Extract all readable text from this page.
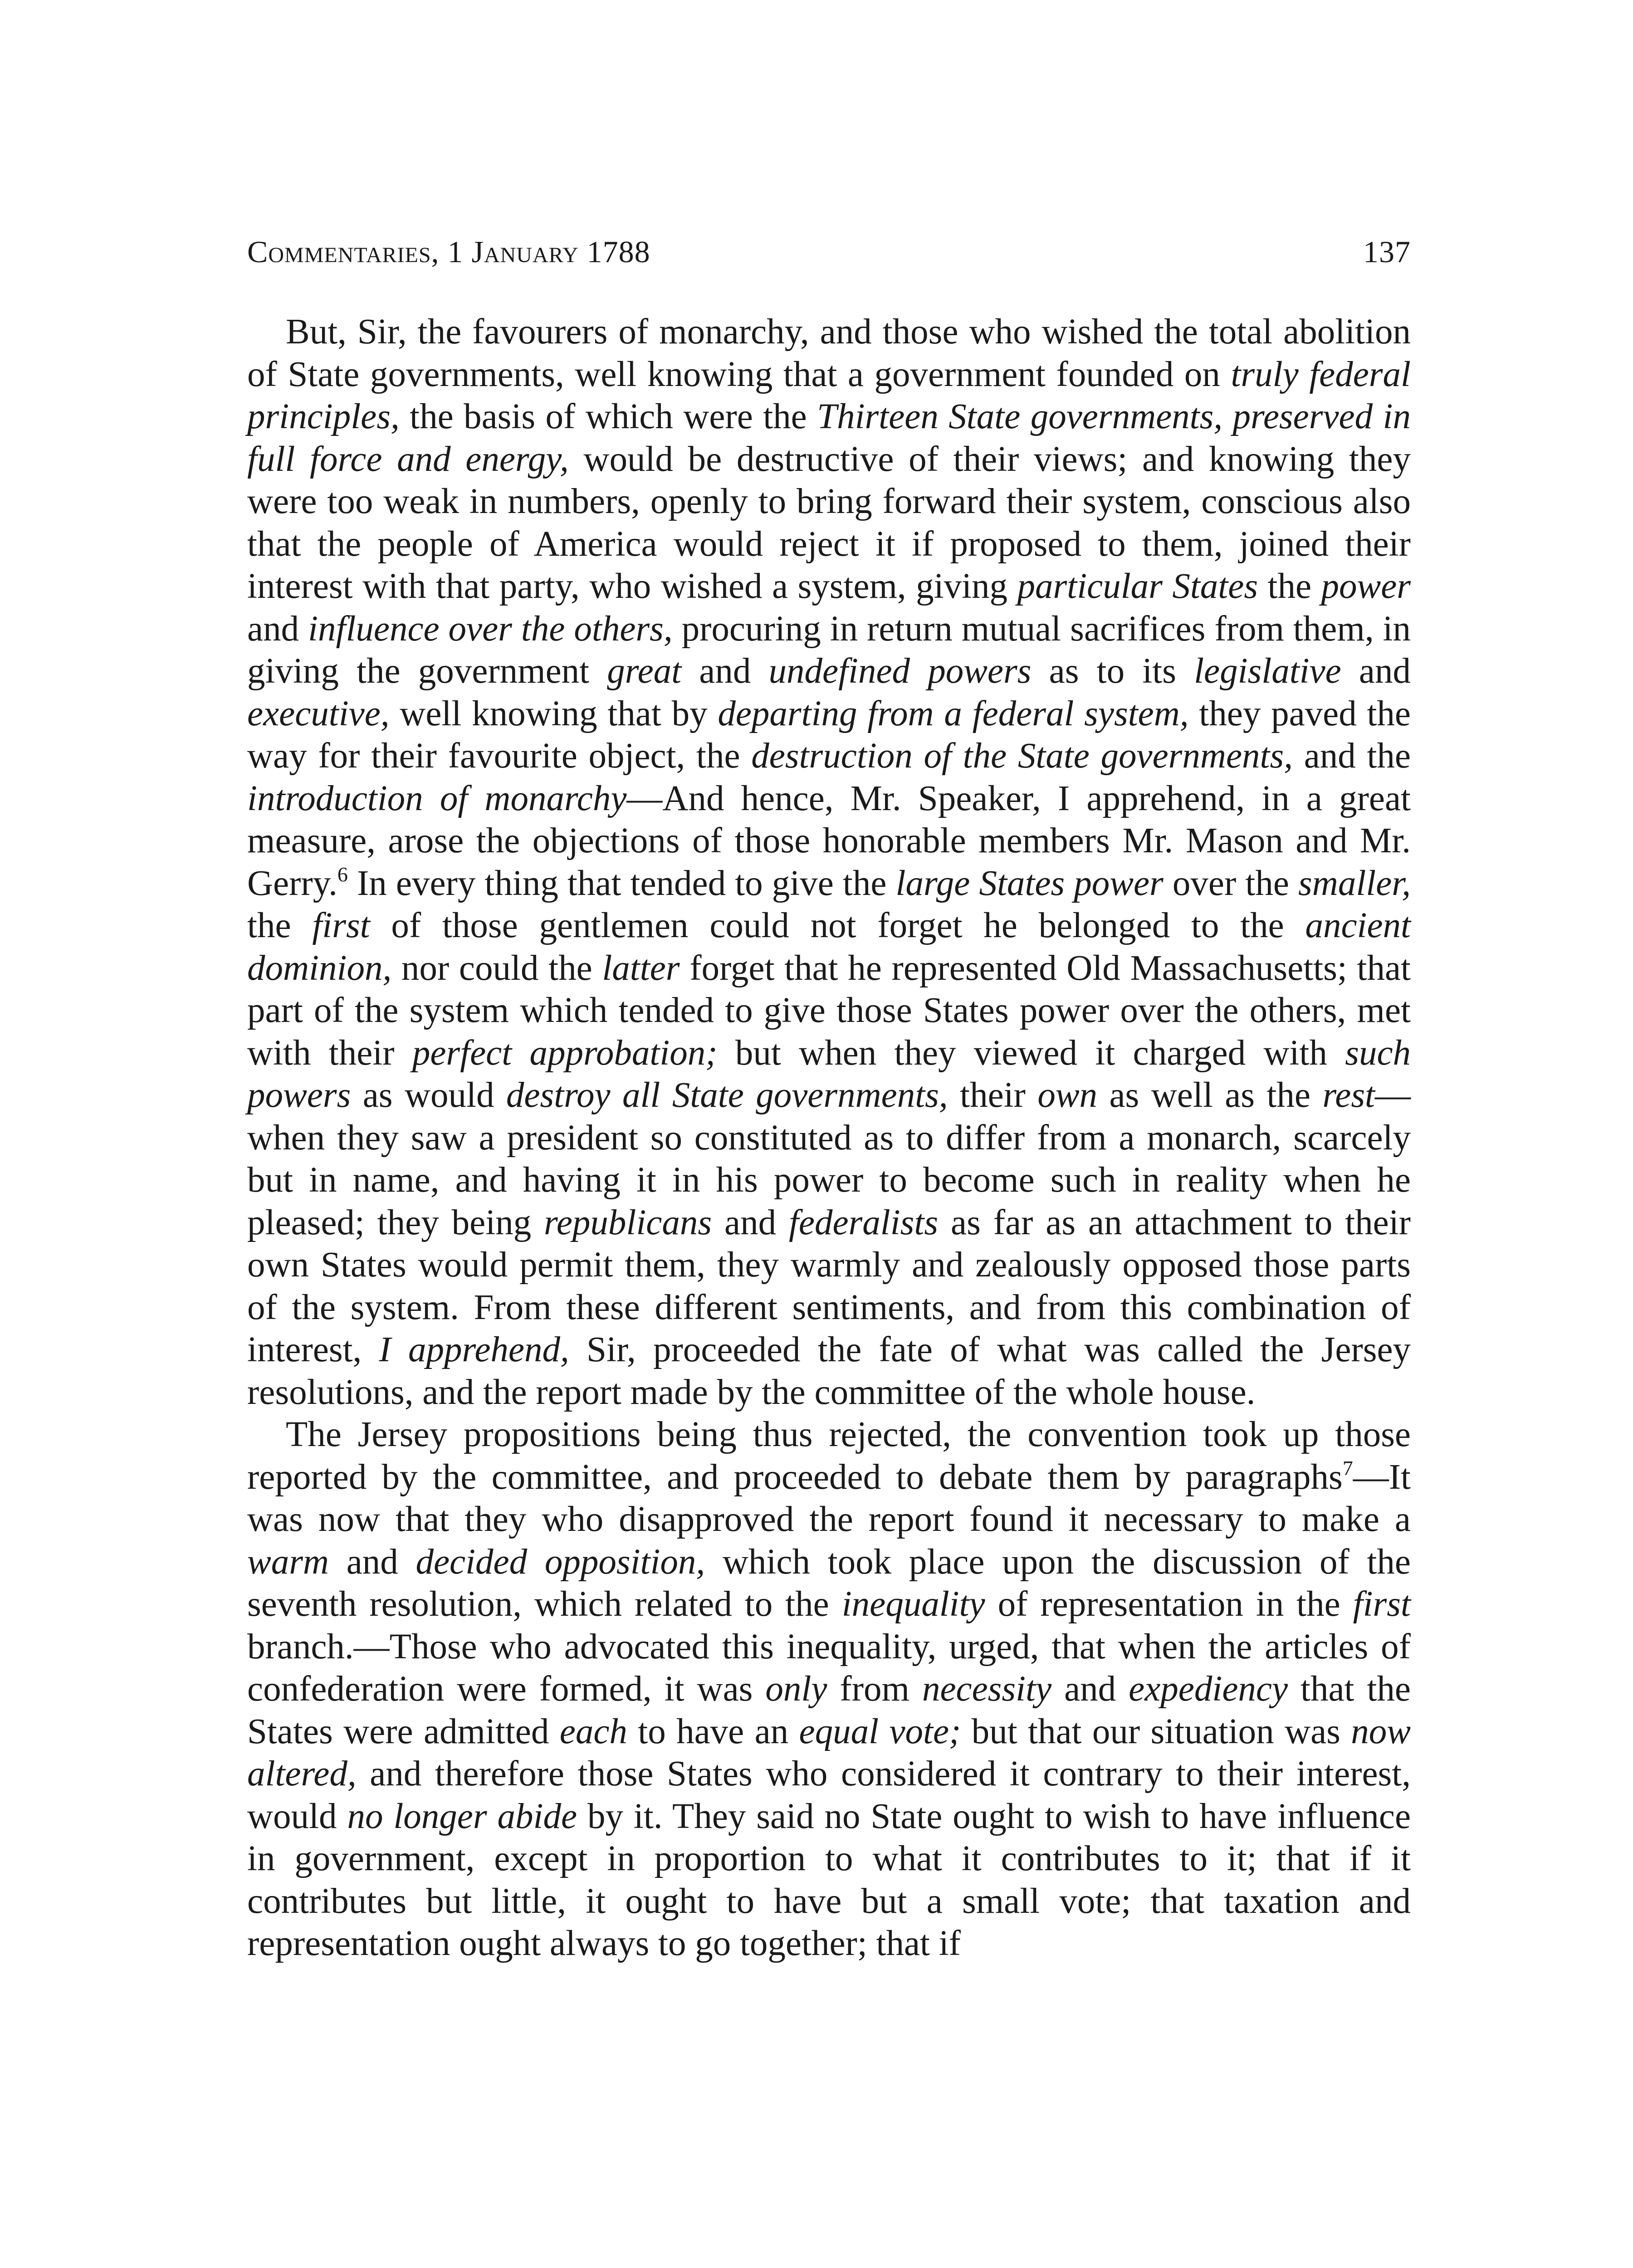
Commentaries, 1 January 1788	137

But, Sir, the favourers of monarchy, and those who wished the total abolition of State governments, well knowing that a government founded on truly federal principles, the basis of which were the Thirteen State governments, preserved in full force and energy, would be destructive of their views; and knowing they were too weak in numbers, openly to bring forward their system, conscious also that the people of America would reject it if proposed to them, joined their interest with that party, who wished a system, giving particular States the power and influence over the others, procuring in return mutual sacrifices from them, in giving the government great and undefined powers as to its legislative and executive, well knowing that by departing from a federal system, they paved the way for their favourite object, the destruction of the State governments, and the introduction of monarchy—And hence, Mr. Speaker, I apprehend, in a great measure, arose the objections of those honorable members Mr. Mason and Mr. Gerry.$^6$ In every thing that tended to give the large States power over the smaller, the first of those gentlemen could not forget he belonged to the ancient dominion, nor could the latter forget that he represented Old Massachusetts; that part of the system which tended to give those States power over the others, met with their perfect approbation; but when they viewed it charged with such powers as would destroy all State governments, their own as well as the rest—when they saw a president so constituted as to differ from a monarch, scarcely but in name, and having it in his power to become such in reality when he pleased; they being republicans and federalists as far as an attachment to their own States would permit them, they warmly and zealously opposed those parts of the system. From these different sentiments, and from this combination of interest, I apprehend, Sir, proceeded the fate of what was called the Jersey resolutions, and the report made by the committee of the whole house.

The Jersey propositions being thus rejected, the convention took up those reported by the committee, and proceeded to debate them by paragraphs$^7$—It was now that they who disapproved the report found it necessary to make a warm and decided opposition, which took place upon the discussion of the seventh resolution, which related to the inequality of representation in the first branch.—Those who advocated this inequality, urged, that when the articles of confederation were formed, it was only from necessity and expediency that the States were admitted each to have an equal vote; but that our situation was now altered, and therefore those States who considered it contrary to their interest, would no longer abide by it. They said no State ought to wish to have influence in government, except in proportion to what it contributes to it; that if it contributes but little, it ought to have but a small vote; that taxation and representation ought always to go together; that if
